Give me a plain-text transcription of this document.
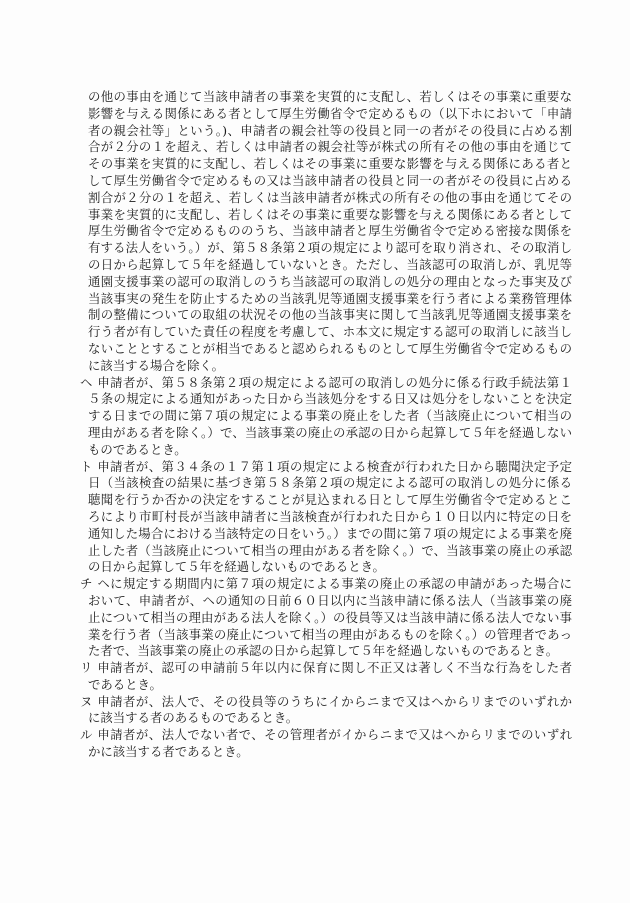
の他の事由を通じて当該申請者の事業を実質的に支配し、若しくはその事業に重要な
影響を与える関係にある者として厚生労働省令で定めるもの（以下ホにおいて「申請
者の親会社等」という。)、申請者の親会社等の役員と同一の者がその役員に占める割
合が２分の１を超え、若しくは申請者の親会社等が株式の所有その他の事由を通じて
その事業を実質的に支配し、若しくはその事業に重要な影響を与える関係にある者と
して厚生労働省令で定めるもの又は当該申請者の役員と同一の者がその役員に占める
割合が２分の１を超え、若しくは当該申請者が株式の所有その他の事由を通じてその
事業を実質的に支配し、若しくはその事業に重要な影響を与える関係にある者として
厚生労働省令で定めるもののうち、当該申請者と厚生労働省令で定める密接な関係を
有する法人をいう。）が、第５８条第２項の規定により認可を取り消され、その取消し
の日から起算して５年を経過していないとき。ただし、当該認可の取消しが、乳児等
通園支援事業の認可の取消しのうち当該認可の取消しの処分の理由となった事実及び
当該事実の発生を防止するための当該乳児等通園支援事業を行う者による業務管理体
制の整備についての取組の状況その他の当該事実に関して当該乳児等通園支援事業を
行う者が有していた責任の程度を考慮して、ホ本文に規定する認可の取消しに該当し
ないこととすることが相当であると認められるものとして厚生労働省令で定めるもの
に該当する場合を除く。
ヘ 申請者が、第５８条第２項の規定による認可の取消しの処分に係る行政手続法第１
５条の規定による通知があった日から当該処分をする日又は処分をしないことを決定
する日までの間に第７項の規定による事業の廃止をした者（当該廃止について相当の
理由がある者を除く。）で、当該事業の廃止の承認の日から起算して５年を経過しない
ものであるとき。
ト 申請者が、第３４条の１７第１項の規定による検査が行われた日から聴聞決定予定
日（当該検査の結果に基づき第５８条第２項の規定による認可の取消しの処分に係る
聴聞を行うか否かの決定をすることが見込まれる日として厚生労働省令で定めるとこ
ろにより市町村長が当該申請者に当該検査が行われた日から１０日以内に特定の日を
通知した場合における当該特定の日をいう。）までの間に第７項の規定による事業を廃
止した者（当該廃止について相当の理由がある者を除く。）で、当該事業の廃止の承認
の日から起算して５年を経過しないものであるとき。
チ ヘに規定する期間内に第７項の規定による事業の廃止の承認の申請があった場合に
おいて、申請者が、ヘの通知の日前６０日以内に当該申請に係る法人（当該事業の廃
止について相当の理由がある法人を除く。）の役員等又は当該申請に係る法人でない事
業を行う者（当該事業の廃止について相当の理由があるものを除く。）の管理者であっ
た者で、当該事業の廃止の承認の日から起算して５年を経過しないものであるとき。
リ 申請者が、認可の申請前５年以内に保育に関し不正又は著しく不当な行為をした者
であるとき。
ヌ 申請者が、法人で、その役員等のうちにイからニまで又はヘからリまでのいずれか
に該当する者のあるものであるとき。
ル 申請者が、法人でない者で、その管理者がイからニまで又はヘからリまでのいずれ
かに該当する者であるとき。
